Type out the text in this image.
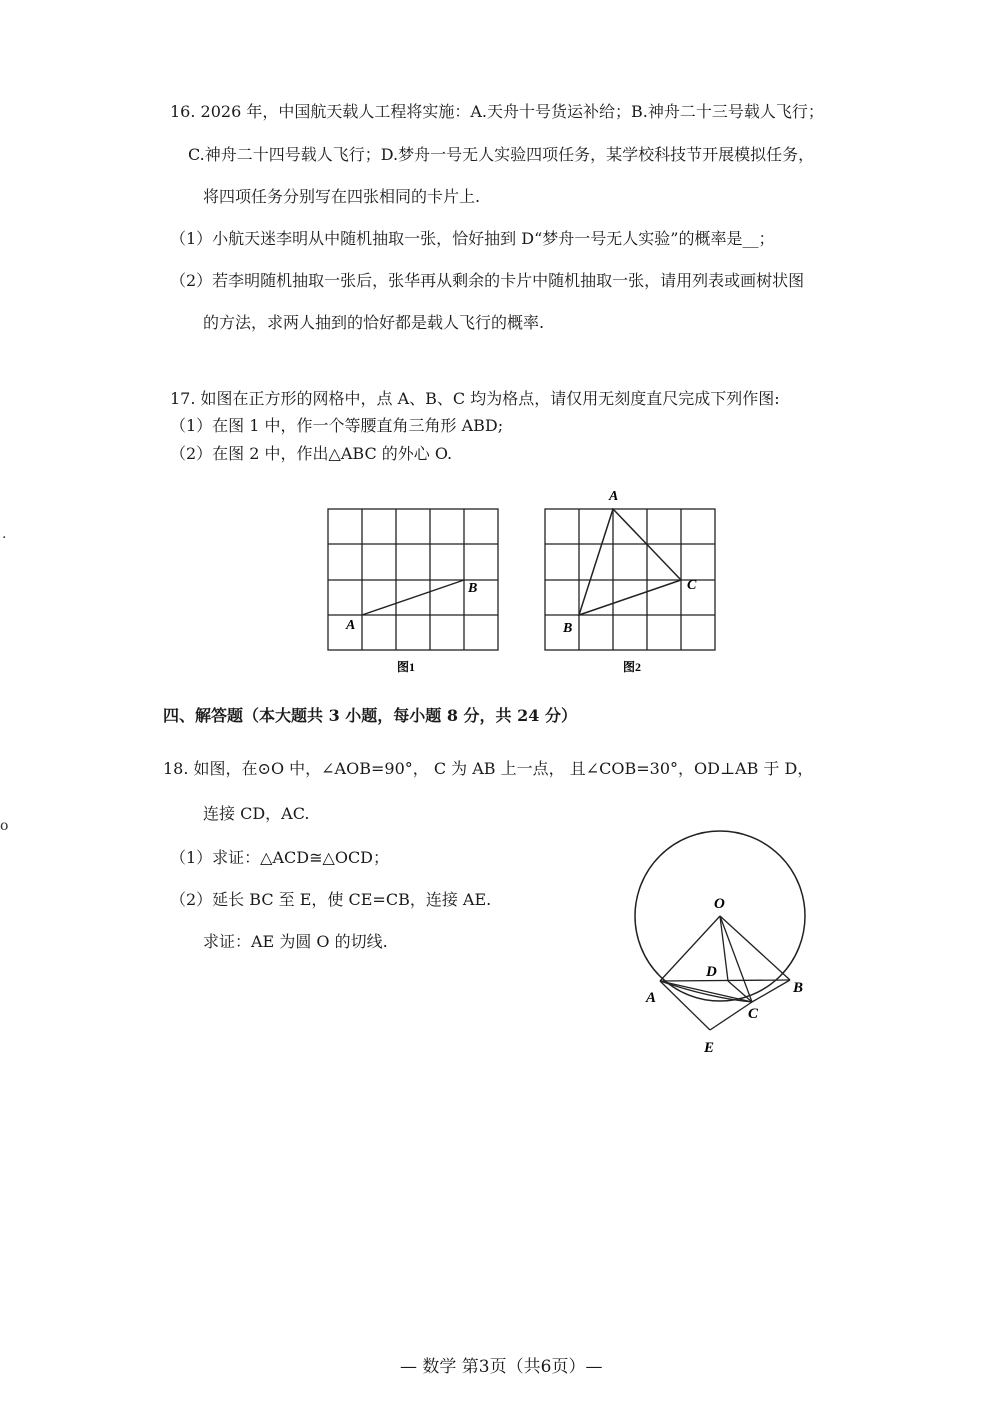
16. 2026 年，中国航天载人工程将实施：A.天舟十号货运补给；B.神舟二十三号载人飞行；
C.神舟二十四号载人飞行；D.梦舟一号无人实验四项任务，某学校科技节开展模拟任务，
将四项任务分别写在四张相同的卡片上.
（1）小航天迷李明从中随机抽取一张，恰好抽到 D“梦舟一号无人实验”的概率是__；
（2）若李明随机抽取一张后，张华再从剩余的卡片中随机抽取一张，请用列表或画树状图
的方法，求两人抽到的恰好都是载人飞行的概率.
17. 如图在正方形的网格中，点 A、B、C 均为格点，请仅用无刻度直尺完成下列作图:
（1）在图 1 中，作一个等腰直角三角形 ABD;
（2）在图 2 中，作出△ABC 的外心 O.
A
B
图1
A
B
C
图2
四、解答题（本大题共 3 小题，每小题 8 分，共 24 分）
18. 如图，在⊙O 中，∠AOB=90°， C 为 AB 上一点， 且∠COB=30°，OD⊥AB 于 D，
连接 CD，AC.
（1）求证：△ACD≅△OCD；
（2）延长 BC 至 E，使 CE=CB，连接 AE.
求证：AE 为圆 O 的切线.
O
D
A
B
C
E
.
o
— 数学 第3页（共6页）—
